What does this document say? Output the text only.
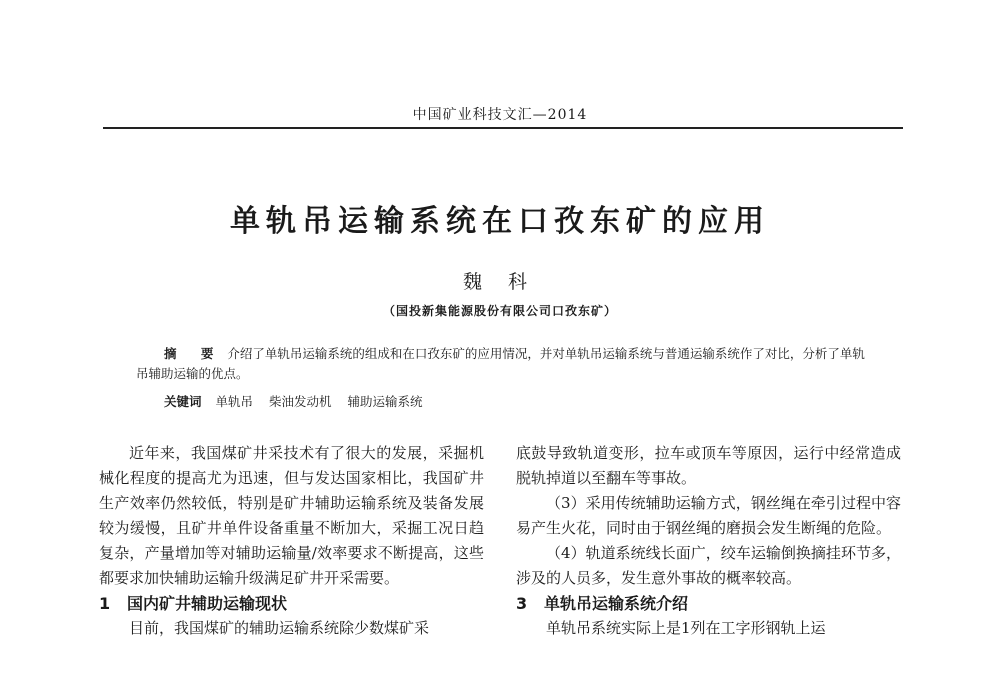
中国矿业科技文汇—2014
单轨吊运输系统在口孜东矿的应用
魏 科
（国投新集能源股份有限公司口孜东矿）
摘 要 介绍了单轨吊运输系统的组成和在口孜东矿的应用情况，并对单轨吊运输系统与普通运输系统作了对比，分析了单轨吊辅助运输的优点。
关键词 单轨吊 柴油发动机 辅助运输系统

近年来，我国煤矿井采技术有了很大的发展，采掘机械化程度的提高尤为迅速，但与发达国家相比，我国矿井生产效率仍然较低，特别是矿井辅助运输系统及装备发展较为缓慢，且矿井单件设备重量不断加大，采掘工况日趋复杂，产量增加等对辅助运输量/效率要求不断提高，这些都要求加快辅助运输升级满足矿井开采需要。

1 国内矿井辅助运输现状

目前，我国煤矿的辅助运输系统除少数煤矿采

底鼓导致轨道变形，拉车或顶车等原因，运行中经常造成脱轨掉道以至翻车等事故。

（3）采用传统辅助运输方式，钢丝绳在牵引过程中容易产生火花，同时由于钢丝绳的磨损会发生断绳的危险。

（4）轨道系统线长面广，绞车运输倒换摘挂环节多，涉及的人员多，发生意外事故的概率较高。

3 单轨吊运输系统介绍

单轨吊系统实际上是1列在工字形钢轨上运
